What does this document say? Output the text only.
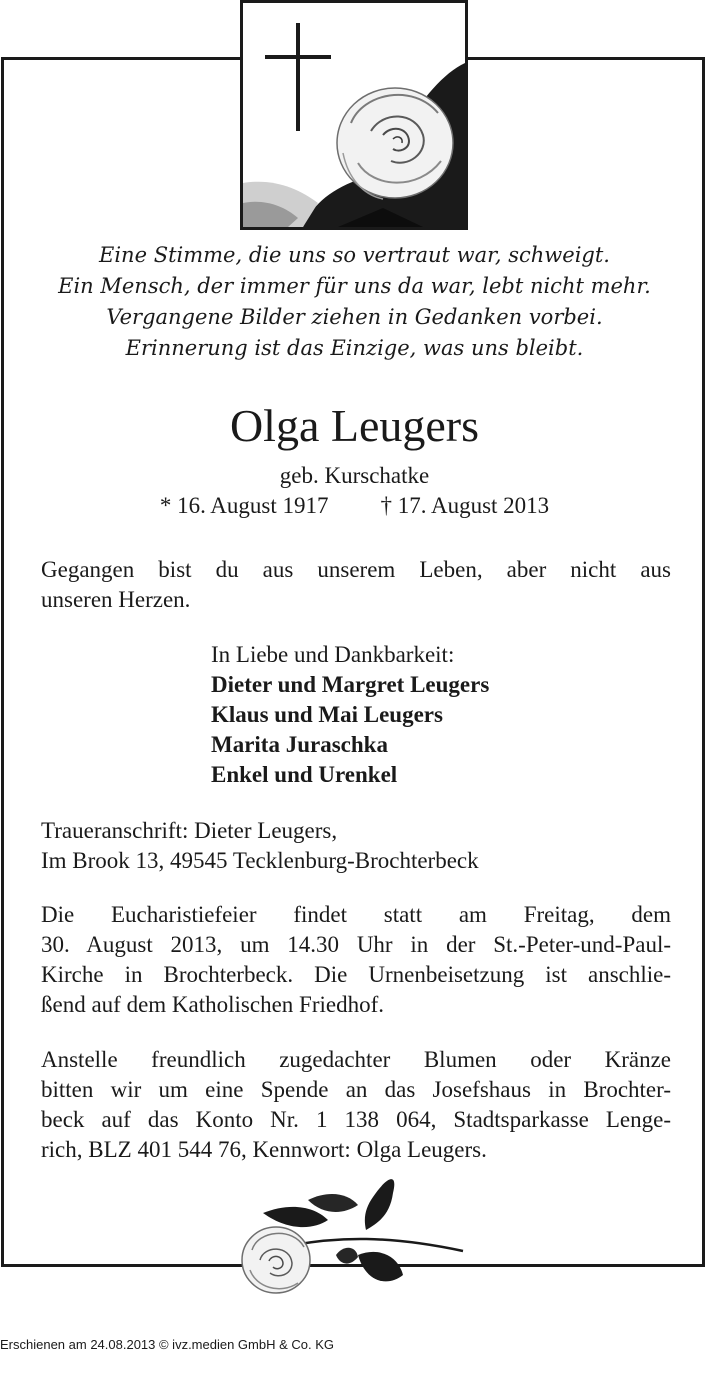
Eine Stimme, die uns so vertraut war, schweigt.
Ein Mensch, der immer für uns da war, lebt nicht mehr.
Vergangene Bilder ziehen in Gedanken vorbei.
Erinnerung ist das Einzige, was uns bleibt.
Olga Leugers
geb. Kurschatke
* 16. August 1917 † 17. August 2013
Gegangen bist du aus unserem Leben, aber nicht aus
unseren Herzen.
In Liebe und Dankbarkeit:
Dieter und Margret Leugers
Klaus und Mai Leugers
Marita Juraschka
Enkel und Urenkel
Traueranschrift: Dieter Leugers,
Im Brook 13, 49545 Tecklenburg-Brochterbeck
Die Eucharistiefeier findet statt am Freitag, dem
30. August 2013, um 14.30 Uhr in der St.-Peter-und-Paul-
Kirche in Brochterbeck. Die Urnenbeisetzung ist anschlie-
ßend auf dem Katholischen Friedhof.
Anstelle freundlich zugedachter Blumen oder Kränze
bitten wir um eine Spende an das Josefshaus in Brochter-
beck auf das Konto Nr. 1 138 064, Stadtsparkasse Lenge-
rich, BLZ 401 544 76, Kennwort: Olga Leugers.
Erschienen am 24.08.2013 © ivz.medien GmbH & Co. KG
